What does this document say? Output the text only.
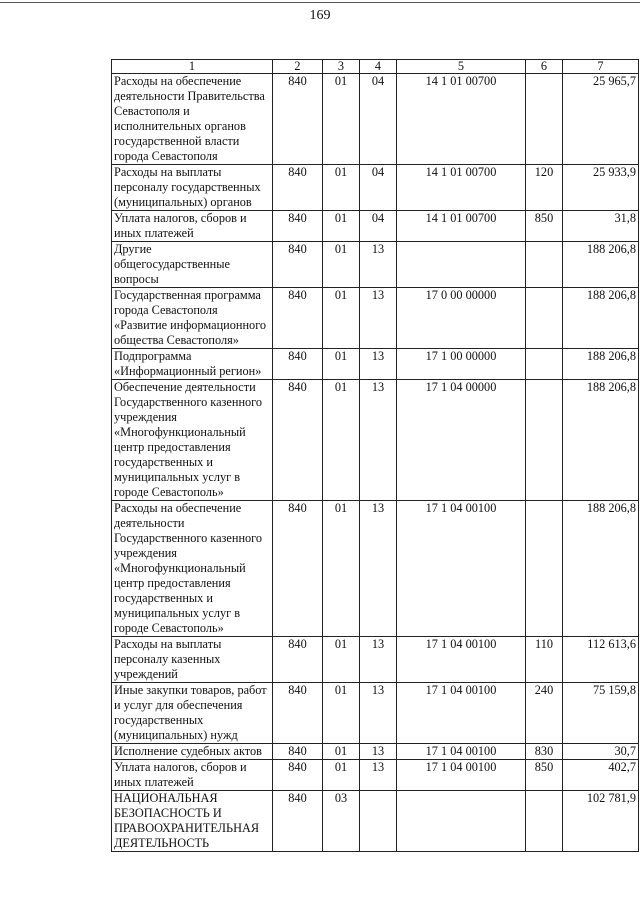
169
1	2	3	4	5	6	7
Расходы на обеспечение деятельности Правительства Севастополя и исполнительных органов государственной власти города Севастополя	840	01	04	14 1 01 00700		25 965,7
Расходы на выплаты персоналу государственных (муниципальных) органов	840	01	04	14 1 01 00700	120	25 933,9
Уплата налогов, сборов и иных платежей	840	01	04	14 1 01 00700	850	31,8
Другие общегосударственные вопросы	840	01	13			188 206,8
Государственная программа города Севастополя «Развитие информационного общества Севастополя»	840	01	13	17 0 00 00000		188 206,8
Подпрограмма «Информационный регион»	840	01	13	17 1 00 00000		188 206,8
Обеспечение деятельности Государственного казенного учреждения «Многофункциональный центр предоставления государственных и муниципальных услуг в городе Севастополь»	840	01	13	17 1 04 00000		188 206,8
Расходы на обеспечение деятельности Государственного казенного учреждения «Многофункциональный центр предоставления государственных и муниципальных услуг в городе Севастополь»	840	01	13	17 1 04 00100		188 206,8
Расходы на выплаты персоналу казенных учреждений	840	01	13	17 1 04 00100	110	112 613,6
Иные закупки товаров, работ и услуг для обеспечения государственных (муниципальных) нужд	840	01	13	17 1 04 00100	240	75 159,8
Исполнение судебных актов	840	01	13	17 1 04 00100	830	30,7
Уплата налогов, сборов и иных платежей	840	01	13	17 1 04 00100	850	402,7
НАЦИОНАЛЬНАЯ БЕЗОПАСНОСТЬ И ПРАВООХРАНИТЕЛЬНАЯ ДЕЯТЕЛЬНОСТЬ	840	03				102 781,9
